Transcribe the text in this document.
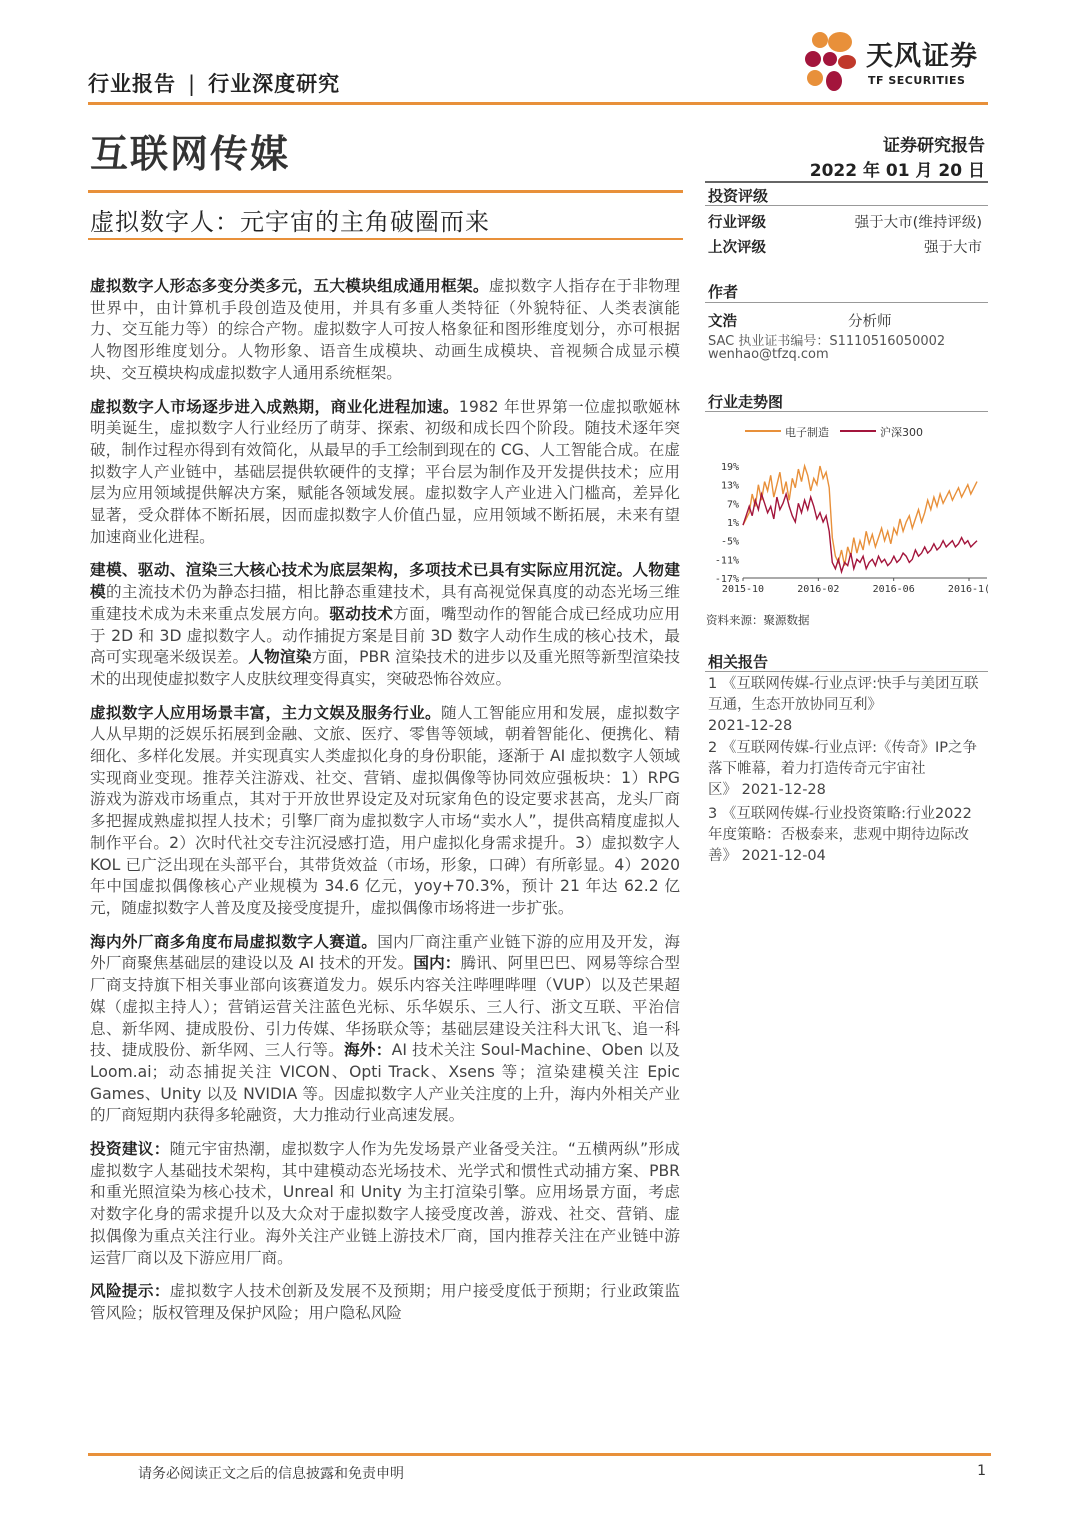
行业报告 | 行业深度研究
天风证券
TF SECURITIES
互联网传媒	证券研究报告
2022 年 01 月 20 日
虚拟数字人：元宇宙的主角破圈而来

虚拟数字人形态多变分类多元，五大模块组成通用框架。虚拟数字人指存在于非物理世界中，由计算机手段创造及使用，并具有多重人类特征（外貌特征、人类表演能力、交互能力等）的综合产物。虚拟数字人可按人格象征和图形维度划分，亦可根据人物图形维度划分。人物形象、语音生成模块、动画生成模块、音视频合成显示模块、交互模块构成虚拟数字人通用系统框架。

虚拟数字人市场逐步进入成熟期，商业化进程加速。1982 年世界第一位虚拟歌姬林明美诞生，虚拟数字人行业经历了萌芽、探索、初级和成长四个阶段。随技术逐年突破，制作过程亦得到有效简化，从最早的手工绘制到现在的 CG、人工智能合成。在虚拟数字人产业链中，基础层提供软硬件的支撑；平台层为制作及开发提供技术；应用层为应用领域提供解决方案，赋能各领域发展。虚拟数字人产业进入门槛高，差异化显著，受众群体不断拓展，因而虚拟数字人价值凸显，应用领域不断拓展，未来有望加速商业化进程。

建模、驱动、渲染三大核心技术为底层架构，多项技术已具有实际应用沉淀。人物建模的主流技术仍为静态扫描，相比静态重建技术，具有高视觉保真度的动态光场三维重建技术成为未来重点发展方向。驱动技术方面，嘴型动作的智能合成已经成功应用于 2D 和 3D 虚拟数字人。动作捕捉方案是目前 3D 数字人动作生成的核心技术，最高可实现毫米级误差。人物渲染方面，PBR 渲染技术的进步以及重光照等新型渲染技术的出现使虚拟数字人皮肤纹理变得真实，突破恐怖谷效应。

虚拟数字人应用场景丰富，主力文娱及服务行业。随人工智能应用和发展，虚拟数字人从早期的泛娱乐拓展到金融、文旅、医疗、零售等领域，朝着智能化、便携化、精细化、多样化发展。并实现真实人类虚拟化身的身份职能，逐渐于 AI 虚拟数字人领域实现商业变现。推荐关注游戏、社交、营销、虚拟偶像等协同效应强板块：1）RPG 游戏为游戏市场重点，其对于开放世界设定及对玩家角色的设定要求甚高，龙头厂商多把握成熟虚拟捏人技术；引擎厂商为虚拟数字人市场“卖水人”，提供高精度虚拟人制作平台。2）次时代社交专注沉浸感打造，用户虚拟化身需求提升。3）虚拟数字人 KOL 已广泛出现在头部平台，其带货效益（市场，形象，口碑）有所彰显。4）2020 年中国虚拟偶像核心产业规模为 34.6 亿元，yoy+70.3%，预计 21 年达 62.2 亿元，随虚拟数字人普及度及接受度提升，虚拟偶像市场将进一步扩张。

海内外厂商多角度布局虚拟数字人赛道。国内厂商注重产业链下游的应用及开发，海外厂商聚焦基础层的建设以及 AI 技术的开发。国内：腾讯、阿里巴巴、网易等综合型厂商支持旗下相关事业部向该赛道发力。娱乐内容关注哔哩哔哩（VUP）以及芒果超媒（虚拟主持人）；营销运营关注蓝色光标、乐华娱乐、三人行、浙文互联、平治信息、新华网、捷成股份、引力传媒、华扬联众等；基础层建设关注科大讯飞、追一科技、捷成股份、新华网、三人行等。海外：AI 技术关注 Soul-Machine、Oben 以及 Loom.ai；动态捕捉关注 VICON、Opti Track、Xsens 等；渲染建模关注 Epic Games、Unity 以及 NVIDIA 等。因虚拟数字人产业关注度的上升，海内外相关产业的厂商短期内获得多轮融资，大力推动行业高速发展。

投资建议：随元宇宙热潮，虚拟数字人作为先发场景产业备受关注。“五横两纵”形成虚拟数字人基础技术架构，其中建模动态光场技术、光学式和惯性式动捕方案、PBR 和重光照渲染为核心技术，Unreal 和 Unity 为主打渲染引擎。应用场景方面，考虑对数字化身的需求提升以及大众对于虚拟数字人接受度改善，游戏、社交、营销、虚拟偶像为重点关注行业。海外关注产业链上游技术厂商，国内推荐关注在产业链中游运营厂商以及下游应用厂商。

风险提示：虚拟数字人技术创新及发展不及预期；用户接受度低于预期；行业政策监管风险；版权管理及保护风险；用户隐私风险

投资评级
行业评级	强于大市(维持评级)
上次评级	强于大市
作者
文浩	分析师
SAC 执业证书编号：S1110516050002
wenhao@tfzq.com
行业走势图
电子制造	沪深300
19%
13%
7%
1%
-5%
-11%
-17%
2015-10	2016-02	2016-06	2016-1(
资料来源：聚源数据
相关报告
1 《互联网传媒-行业点评:快手与美团互联互通，生态开放协同互利》
2021-12-28
2 《互联网传媒-行业点评:《传奇》IP之争落下帷幕，着力打造传奇元宇宙社区》 2021-12-28
3 《互联网传媒-行业投资策略:行业2022 年度策略：否极泰来，悲观中期待边际改善》 2021-12-04
请务必阅读正文之后的信息披露和免责申明	1
